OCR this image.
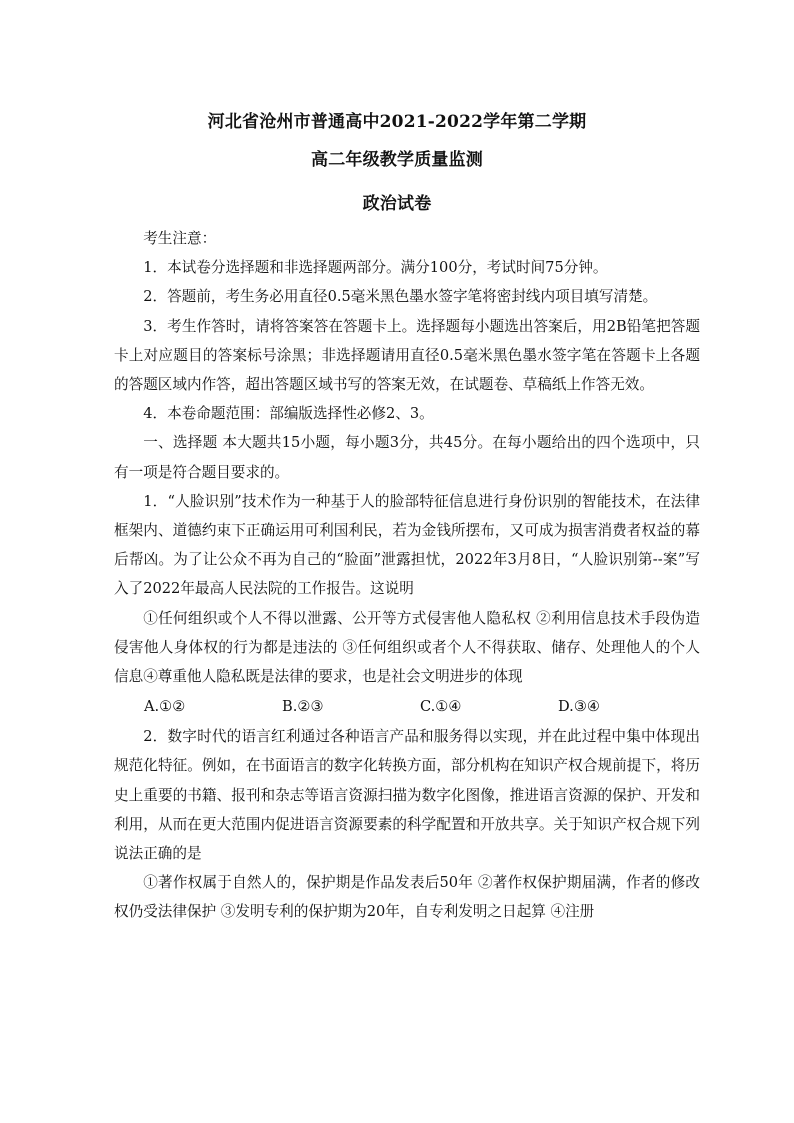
河北省沧州市普通高中2021-2022学年第二学期
高二年级教学质量监测
政治试卷

考生注意：

1．本试卷分选择题和非选择题两部分。满分100分，考试时间75分钟。

2．答题前，考生务必用直径0.5毫米黑色墨水签字笔将密封线内项目填写清楚。

3．考生作答时，请将答案答在答题卡上。选择题每小题选出答案后，用2B铅笔把答题卡上对应题目的答案标号涂黑；非选择题请用直径0.5毫米黑色墨水签字笔在答题卡上各题的答题区域内作答，超出答题区域书写的答案无效，在试题卷、草稿纸上作答无效。

4．本卷命题范围：部编版选择性必修2、3。

一、选择题 本大题共15小题，每小题3分，共45分。在每小题给出的四个选项中，只有一项是符合题目要求的。

1．“人脸识别”技术作为一种基于人的脸部特征信息进行身份识别的智能技术，在法律框架内、道德约束下正确运用可利国利民，若为金钱所摆布，又可成为损害消费者权益的幕后帮凶。为了让公众不再为自己的“脸面”泄露担忧，2022年3月8日，“人脸识别第--案”写入了2022年最高人民法院的工作报告。这说明

①任何组织或个人不得以泄露、公开等方式侵害他人隐私权 ②利用信息技术手段伪造侵害他人身体权的行为都是违法的 ③任何组织或者个人不得获取、储存、处理他人的个人信息④尊重他人隐私既是法律的要求，也是社会文明进步的体现

A.①②	B.②③	C.①④	D.③④

2．数字时代的语言红利通过各种语言产品和服务得以实现，并在此过程中集中体现出规范化特征。例如，在书面语言的数字化转换方面，部分机构在知识产权合规前提下，将历史上重要的书籍、报刊和杂志等语言资源扫描为数字化图像，推进语言资源的保护、开发和利用，从而在更大范围内促进语言资源要素的科学配置和开放共享。关于知识产权合规下列说法正确的是

①著作权属于自然人的，保护期是作品发表后50年 ②著作权保护期届满，作者的修改权仍受法律保护 ③发明专利的保护期为20年，自专利发明之日起算 ④注册
